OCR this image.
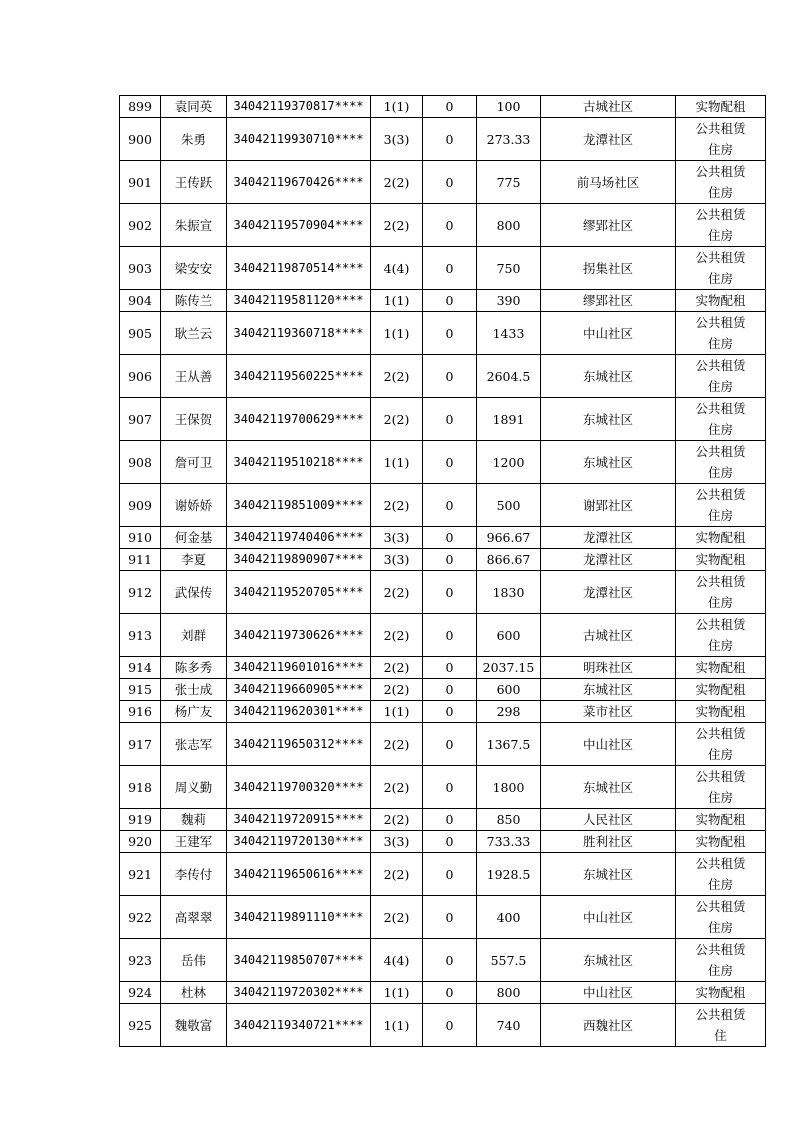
899	袁同英	34042119370817****	1(1)	0	100	古城社区	实物配租
900	朱勇	34042119930710****	3(3)	0	273.33	龙潭社区	公共租赁住房
901	王传跃	34042119670426****	2(2)	0	775	前马场社区	公共租赁住房
902	朱振宣	34042119570904****	2(2)	0	800	缪郢社区	公共租赁住房
903	梁安安	34042119870514****	4(4)	0	750	拐集社区	公共租赁住房
904	陈传兰	34042119581120****	1(1)	0	390	缪郢社区	实物配租
905	耿兰云	34042119360718****	1(1)	0	1433	中山社区	公共租赁住房
906	王从善	34042119560225****	2(2)	0	2604.5	东城社区	公共租赁住房
907	王保贺	34042119700629****	2(2)	0	1891	东城社区	公共租赁住房
908	詹可卫	34042119510218****	1(1)	0	1200	东城社区	公共租赁住房
909	谢娇娇	34042119851009****	2(2)	0	500	谢郢社区	公共租赁住房
910	何金基	34042119740406****	3(3)	0	966.67	龙潭社区	实物配租
911	李夏	34042119890907****	3(3)	0	866.67	龙潭社区	实物配租
912	武保传	34042119520705****	2(2)	0	1830	龙潭社区	公共租赁住房
913	刘群	34042119730626****	2(2)	0	600	古城社区	公共租赁住房
914	陈多秀	34042119601016****	2(2)	0	2037.15	明珠社区	实物配租
915	张士成	34042119660905****	2(2)	0	600	东城社区	实物配租
916	杨广友	34042119620301****	1(1)	0	298	菜市社区	实物配租
917	张志军	34042119650312****	2(2)	0	1367.5	中山社区	公共租赁住房
918	周义勤	34042119700320****	2(2)	0	1800	东城社区	公共租赁住房
919	魏莉	34042119720915****	2(2)	0	850	人民社区	实物配租
920	王建军	34042119720130****	3(3)	0	733.33	胜利社区	实物配租
921	李传付	34042119650616****	2(2)	0	1928.5	东城社区	公共租赁住房
922	高翠翠	34042119891110****	2(2)	0	400	中山社区	公共租赁住房
923	岳伟	34042119850707****	4(4)	0	557.5	东城社区	公共租赁住房
924	杜林	34042119720302****	1(1)	0	800	中山社区	实物配租
925	魏敬富	34042119340721****	1(1)	0	740	西魏社区	公共租赁住
